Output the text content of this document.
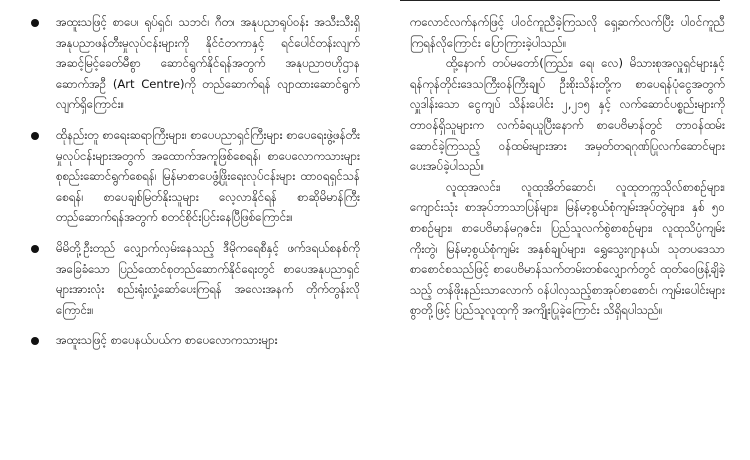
အထူးသဖြင့် စာပေ၊ ရုပ်ရှင်၊ သဘင်၊ ဂီတ၊ အနုပညာရုပ်ဝန်း အသီးသီးရှိ အနုပညာဖန်တီးမှုလုပ်ငန်းများကို နိုင်ငံတကာနှင့် ရင်ပေါင်တန်းလျက် အဆင့်မြင့်ခေတ်မီစွာ ဆောင်ရွက်နိုင်ရန်အတွက် အနုပညာဗဟိုဌာနဆောက်အဦ (Art Centre)ကို တည်ဆောက်ရန် လျာထားဆောင်ရွက်လျက်ရှိကြောင်း။
ထိုနည်းတူ စာရေးဆရာကြီးများ၊ စာပေပညာရှင်ကြီးများ စာပေရေးဖွဲ့ဖန်တီးမှုလုပ်ငန်းများအတွက် အထောက်အကူဖြစ်စေရန်၊ စာပေလောကသားများ စုစည်းဆောင်ရွက်စေရန်၊ မြန်မာစာပေဖွံ့ဖြိုးရေးလုပ်ငန်းများ ထာဝရရှင်သန်စေရန်၊ စာပေချစ်မြတ်နိုးသူများ လေ့လာနိုင်ရန် စာဆိုမိမာန်ကြီး တည်ဆောက်ရန်အတွက် စတင်စိုင်းပြင်းနေပြီဖြစ်ကြောင်း။
မိမိတို့ဦးတည် လျှောက်လှမ်းနေသည့် ဒီမိုကရေစီနှင့် ဖက်ဒရယ်စနစ်ကို အခြေခံသော ပြည်ထောင်စုတည်ဆောက်နိုင်ရေးတွင် စာပေအနုပညာရှင်များအားလုံး စည်းရုံးလှုံ့ဆော်ပေးကြရန် အလေးအနက် တိုက်တွန်းလိုကြောင်း။
အထူးသဖြင့် စာပေနယ်ပယ်က စာပေလောကသားများ

ကလောင်လက်နက်ဖြင့် ပါဝင်ကူညီခဲ့ကြသလို ရှေ့ဆက်လက်ပြီး ပါဝင်ကူညီကြရန်လိုကြောင်း ပြောကြားခဲ့ပါသည်။

ထို့နောက် တပ်မတော်(ကြည်း၊ ရေ၊ လေ) မိသားစုအလှူရှင်များနှင့် ရန်ကုန်တိုင်းဒေသကြီးဝန်ကြီးချုပ် ဦးစိုးသိန်းတို့က စာပေရန်ပုံငွေအတွက် လှူဒါန်းသော ငွေကျပ် သိန်းပေါင်း ၂,၂၁၅ နှင့် လက်ဆောင်ပစ္စည်းများကို တာဝန်ရှိသူများက လက်ခံရယူပြီးနောက် စာပေဗိမာန်တွင် တာဝန်ထမ်းဆောင်ခဲ့ကြသည့် ဝန်ထမ်းများအား အမှတ်တရဂုဏ်ပြုလက်ဆောင်များ ပေးအပ်ခဲ့ပါသည်။

လူထုအလင်း၊ လူထုအိတ်ဆောင်၊ လူထုတက္ကသိုလ်စာစဉ်များ၊ ကျောင်းသုံး စာအုပ်ဘာသာပြန်များ၊ မြန်မာ့စွယ်စုံကျမ်းအုပ်တွဲများ၊ နှစ် ၅၀ စာစဉ်များ၊ စာပေဗိမာန်မဂ္ဂဇင်း၊ ပြည်သူလက်စွဲစာစဉ်များ၊ လူထုသိပ္ပံကျမ်း ကိုးတွဲ၊ မြန်မာ့စွယ်စုံကျမ်း အနှစ်ချုပ်များ၊ ရွှေသွေးဂျာနယ်၊ သုတပဒေသာစာစောင်စသည်ဖြင့် စာပေဗိမာန်သက်တမ်းတစ်လျှောက်တွင် ထုတ်ဝေဖြန့်ချိခဲ့သည့် တန်ဖိုးနည်းသာလောက် ဝန်ပါလှသည့်စာအုပ်စာစောင်၊ ကျမ်းပေါင်းများစွာတို့ဖြင့် ပြည်သူလူထုကို အကျိုးပြုခဲ့ကြောင်း သိရှိရပါသည်။
